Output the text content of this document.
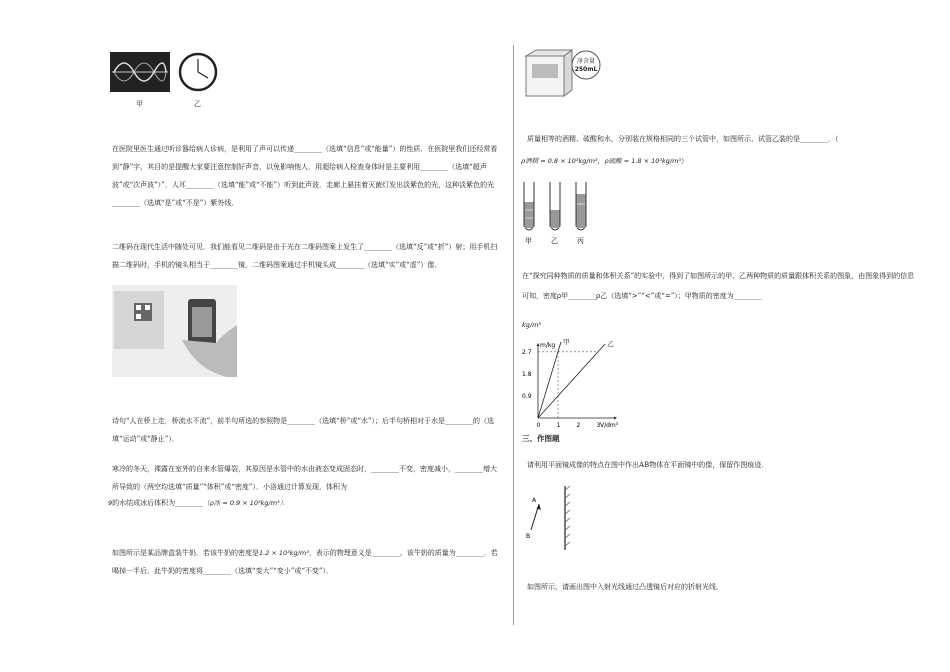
甲	乙
在医院里医生通过听诊器给病人诊病，是利用了声可以传递________（选填“信息”或“能量”）的性质．在医院里我们还经常看到“静”字，其目的是提醒大家要注意控制好声音，以免影响他人．用超给病人检查身体时是主要利用________（选填“超声波”或“次声波”）”．人耳________（选填“能”或“不能”）听到此声波．走廊上悬挂着灭菌灯发出淡紫色的光，这种淡紫色的光________（选填“是”或“不是”）紫外线．
二维码在现代生活中随处可见．我们能看见二维码是由于光在二维码图案上发生了________（选填“反”或“折”）射；用手机扫描二维码时，手机的镜头相当于________镜，二维码图案通过手机镜头成________（选填“实”或“虚”）像．
诗句“人在桥上走，桥流水不流”，前半句所选的参照物是________（选填“桥”或“水”）；后半句桥相对于水是________的（选填“运动”或“静止”）．
寒冷的冬天，裸露在室外的自来水管爆裂，其原因是水管中的水由液态变成固态时，________不变，密度减小，________增大所导致的（两空均选填“质量”“体积”或“密度”）．小洛通过计算发现，体积为
9的水结成冰后体积为________（ρ冰 = 0.9 × 10³kg/m³）．
如图所示是某品牌盒装牛奶．若该牛奶的密度是1.2 × 10³kg/m³，表示的物理意义是________，该牛奶的质量为________．若喝掉一半后，此牛奶的密度将________（选填“变大”“变小”或“不变”）．
净含量
250mL
质量相等的酒精、硫酸和水，分别装在规格相同的三个试管中，如图所示，试管乙装的是________．（
ρ酒精 = 0.8 × 10³kg/m³，ρ硫酸 = 1.8 × 10³kg/m³）
甲	乙	丙
在“探究同种物质的质量和体积关系”的实验中，得到了如图所示的甲、乙两种物质的质量跟体积关系的图象，由图象得到的信息可知，密度ρ甲________ρ乙（选填“>”“<”或“=”）；甲物质的密度为________
kg/m³
m/kg
V/dm³
0	1	2	3
0.9
1.8
2.7
甲	乙
三、作图题
请利用平面镜成像的特点在图中作出AB物体在平面镜中的像，保留作图痕迹．
A
B
如图所示，请画出图中入射光线通过凸透镜后对应的折射光线．
